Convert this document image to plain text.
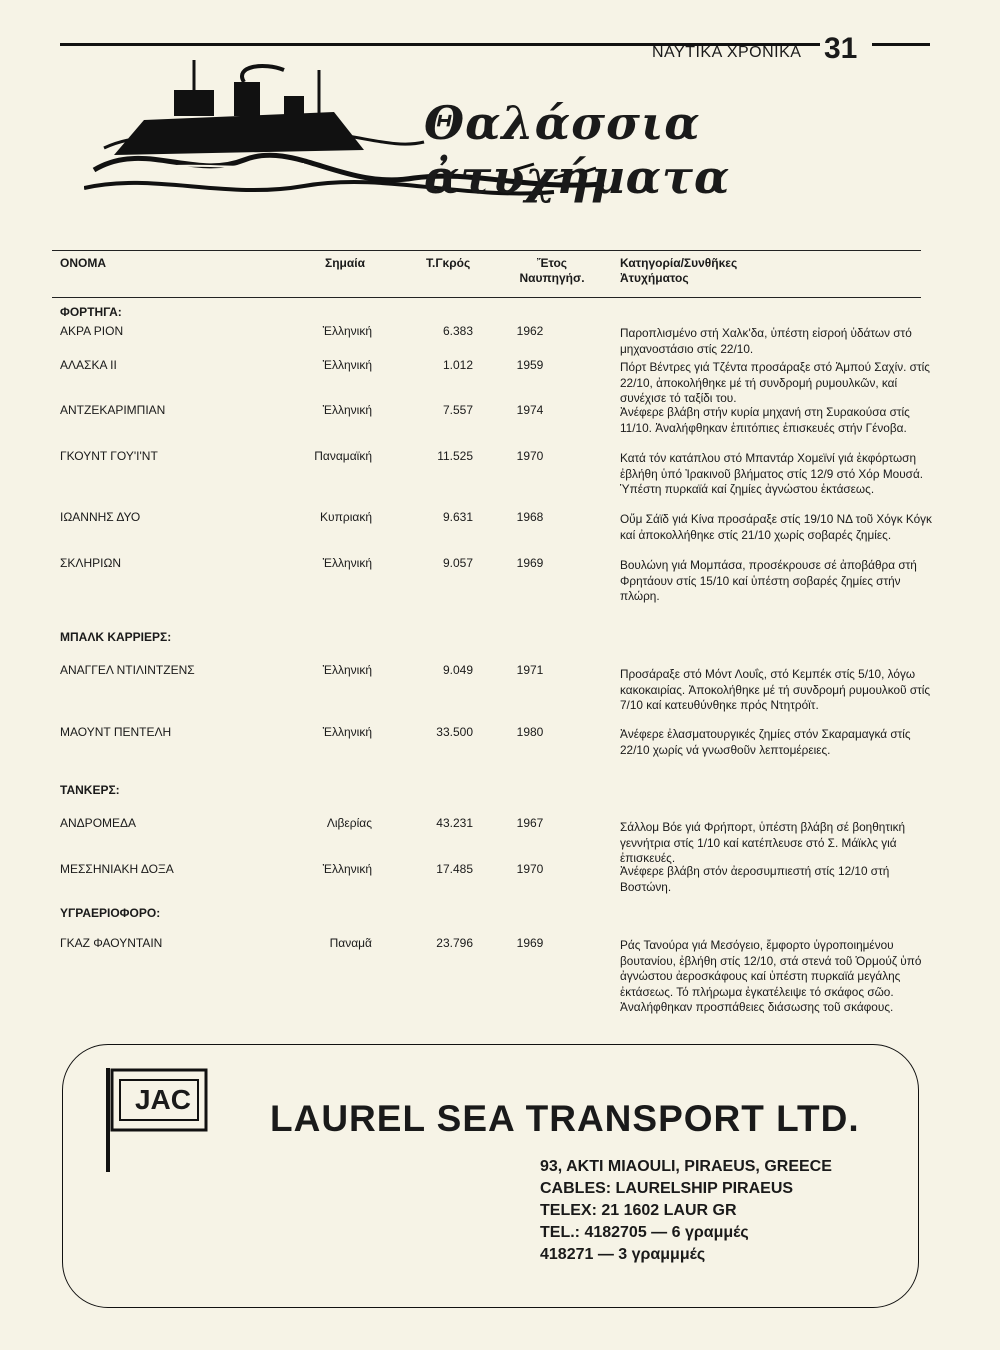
ΝΑΥΤΙΚΑ ΧΡΟΝΙΚΑ 31
Θαλάσσια ἀτυχήματα
ΟΝΟΜΑ	Σημαία	Τ.Γκρός	Ἔτος Ναυπηγήσ.
Κατηγορία/Συνθῆκες Ἀτυχήματος
ΦΟΡΤΗΓΑ:
ΑΚΡΑ ΡΙΟΝ	Ἑλληνική	6.383	1962	Παροπλισμένο στή Χαλκ'δα, ὑπέστη εἰσροή ὑδάτων στό μηχανοστάσιο στίς 22/10.
ΑΛΑΣΚΑ ΙΙ	Ἑλληνική	1.012	1959	Πόρτ Βέντρες γιά Τζέντα προσάραξε στό Ἀμπού Σαχίν. στίς 22/10, ἀποκολήθηκε μέ τή συνδρομή ρυμουλκῶν, καί συνέχισε τό ταξίδι του.
ΑΝΤΖΕΚΑΡΙΜΠΙΑΝ	Ἑλληνική	7.557	1974	Ἀνέφερε βλάβη στήν κυρία μηχανή στη Συρακούσα στίς 11/10. Ἀναλήφθηκαν ἐπιτόπιες ἐπισκευές στήν Γένοβα.
ΓΚΟΥΝΤ ΓΟΥ'Ι'ΝΤ	Παναμαϊκή	11.525	1970	Κατά τόν κατάπλου στό Μπαντάρ Χομεϊνί γιά ἐκφόρτωση ἐβλήθη ὑπό Ἰρακινοῦ βλήματος στίς 12/9 στό Χόρ Μουσά. Ὑπέστη πυρκαϊά καί ζημίες ἀγνώστου ἐκτάσεως.
ΙΩΑΝΝΗΣ ΔΥΟ	Κυπριακή	9.631	1968	Οὔμ Σάϊδ γιά Κίνα προσάραξε στίς 19/10 ΝΔ τοῦ Χόγκ Κόγκ καί ἀποκολλήθηκε στίς 21/10 χωρίς σοβαρές ζημίες.
ΣΚΛΗΡΙΩΝ	Ἑλληνική	9.057	1969	Βουλώνη γιά Μομπάσα, προσέκρουσε σέ ἀποβάθρα στή Φρητάουν στίς 15/10 καί ὑπέστη σοβαρές ζημίες στήν πλώρη.
ΜΠΑΛΚ ΚΑΡΡΙΕΡΣ:
ΑΝΑΓΓΕΛ ΝΤΙΛΙΝΤΖΕΝΣ	Ἑλληνική	9.049	1971	Προσάραξε στό Μόντ Λουΐς, στό Κεμπέκ στίς 5/10, λόγω κακοκαιρίας. Ἀποκολήθηκε μέ τή συνδρομή ρυμουλκοῦ στίς 7/10 καί κατευθύνθηκε πρός Ντητρόϊτ.
ΜΑΟΥΝΤ ΠΕΝΤΕΛΗ	Ἑλληνική	33.500	1980	Ἀνέφερε ἐλασματουργικές ζημίες στόν Σκαραμαγκά στίς 22/10 χωρίς νά γνωσθοῦν λεπτομέρειες.
ΤΑΝΚΕΡΣ:
ΑΝΔΡΟΜΕΔΑ	Λιβερίας	43.231	1967	Σάλλομ Βόε γιά Φρήπορτ, ὑπέστη βλάβη σέ βοηθητική γεννήτρια στίς 1/10 καί κατέπλευσε στό Σ. Μάϊκλς γιά ἐπισκευές.
ΜΕΣΣΗΝΙΑΚΗ ΔΟΞΑ	Ἑλληνική	17.485	1970	Ἀνέφερε βλάβη στόν ἀεροσυμπιεστή στίς 12/10 στή Βοστώνη.
ΥΓΡΑΕΡΙΟΦΟΡΟ:
ΓΚΑΖ ΦΑΟΥΝΤΑΙΝ	Παναμᾶ	23.796	1969	Ράς Τανούρα γιά Μεσόγειο, ἔμφορτο ὑγροποιημένου βουτανίου, ἐβλήθη στίς 12/10, στά στενά τοῦ Ὁρμούζ ὑπό ἀγνώστου ἀεροσκάφους καί ὑπέστη πυρκαϊά μεγάλης ἐκτάσεως. Τό πλήρωμα ἐγκατέλειψε τό σκάφος σῶο. Ἀναλήφθηκαν προσπάθειες διάσωσης τοῦ σκάφους.
JAC LAUREL SEA TRANSPORT LTD.
93, AKTI MIAOULI, PIRAEUS, GREECE
CABLES: LAURELSHIP PIRAEUS
TELEX: 21 1602 LAUR GR
TEL.: 4182705 — 6 γραμμές
418271 — 3 γραμμμές
